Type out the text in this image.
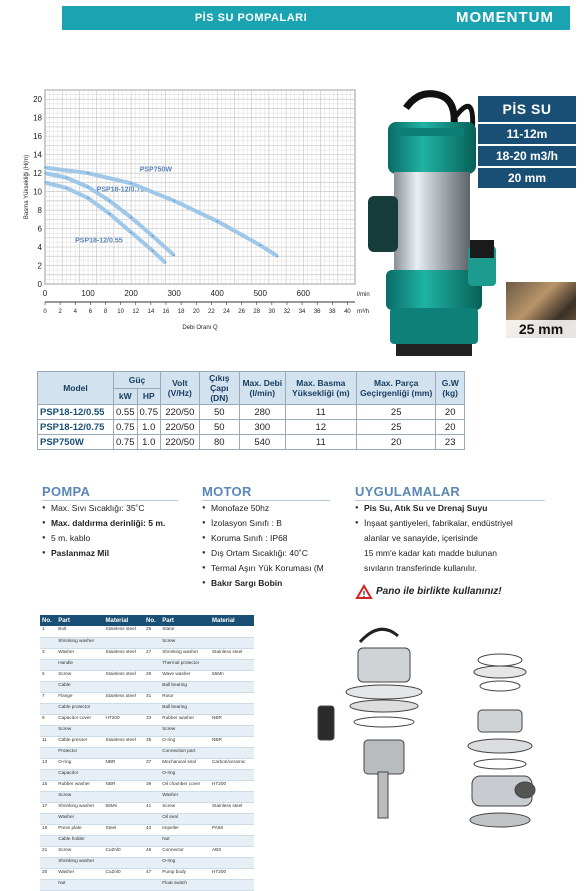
PİS SU POMPALARI	MOMENTUM
0
2
4
6
8
10
12
14
16
18
20
Basma Yüksekliği (H(m)
0	100	200	300	400	500	600	l/min
0 2 4 6 8 10 12 14 16 18 20 22 24 26 28 30 32 34 36 38 40 m³/h
Debi Oranı Q
PSP18-12/0.55
PSP18-12/0.75
PSP750W
PİS SU
11-12m
18-20 m3/h
20 mm
25 mm
Model	Güç		Volt (V/Hz)	Çıkış Çapı (DN)	Max. Debi (l/min)	Max. Basma Yüksekliği (m)	Max. Parça Geçirgenliği (mm)	G.W (kg)
	kW	HP						
PSP18-12/0.55	0.55	0.75	220/50	50	280	11	25	20
PSP18-12/0.75	0.75	1.0	220/50	50	300	12	25	20
PSP750W	0.75	1.0	220/50	80	540	11	20	23
POMPA
● Max. Sıvı Sıcaklığı: 35˚C
● Max. daldırma derinliği: 5 m.
● 5 m. kablo
● Paslanmaz Mil
MOTOR
● Monofaze 50hz
● İzolasyon Sınıfı : B
● Koruma Sınıfı : IP68
● Dış Ortam Sıcaklığı: 40˚C
● Termal Aşırı Yük Koruması (M
● Bakır Sargı Bobin
UYGULAMALAR
● Pis Su, Atık Su ve Drenaj Suyu
● İnşaat şantiyeleri, fabrikalar, endüstriyel
alanlar ve sanayide, içerisinde
15 mm'e kadar katı madde bulunan
sıvıların transferinde kullanılır.
! Pano ile birlikte kullanınız!
No.	Part	Material	No.	Part	Material
1	Bolt	Stainless steel	26	Stator	
	Shrinking washer			Screw	
3	Washer	Stainless steel	27	Shrinking washer	Stainless steel
	Handle			Thermal protector	
5	Screw	Stainless steel	29	Wave washer	65Mn
	Cable			Ball bearing	
7	Flange	Stainless steel	31	Rotor	
	Cable protector			Ball bearing	
9	Capacitor cover	HT200	33	Rubber washer	NBR
	Screw			Screw	
11	Cable presser	Stainless steel	35	O-ring	NBR
	Protector			Connection part	
13	O-ring	NBR	37	Mechanical seal	Carbon/ceramic
	Capacitor			O-ring	
15	Rubber washer	NBR	39	Oil chamber cover	HT200
	Screw			Washer	
17	Shrinking washer	65Mn	41	Screw	Stainless steel
	Washer			Oil seal	
18	Press plate	Steel	43	Impeller	PA66
	Cable holder			Nut	
21	Screw	CuZnl0	45	Connector	ABS
	Shrinking washer			O-ring	
20	Washer	CuZnl0	47	Pump body	HT200
	Nut			Float switch	
